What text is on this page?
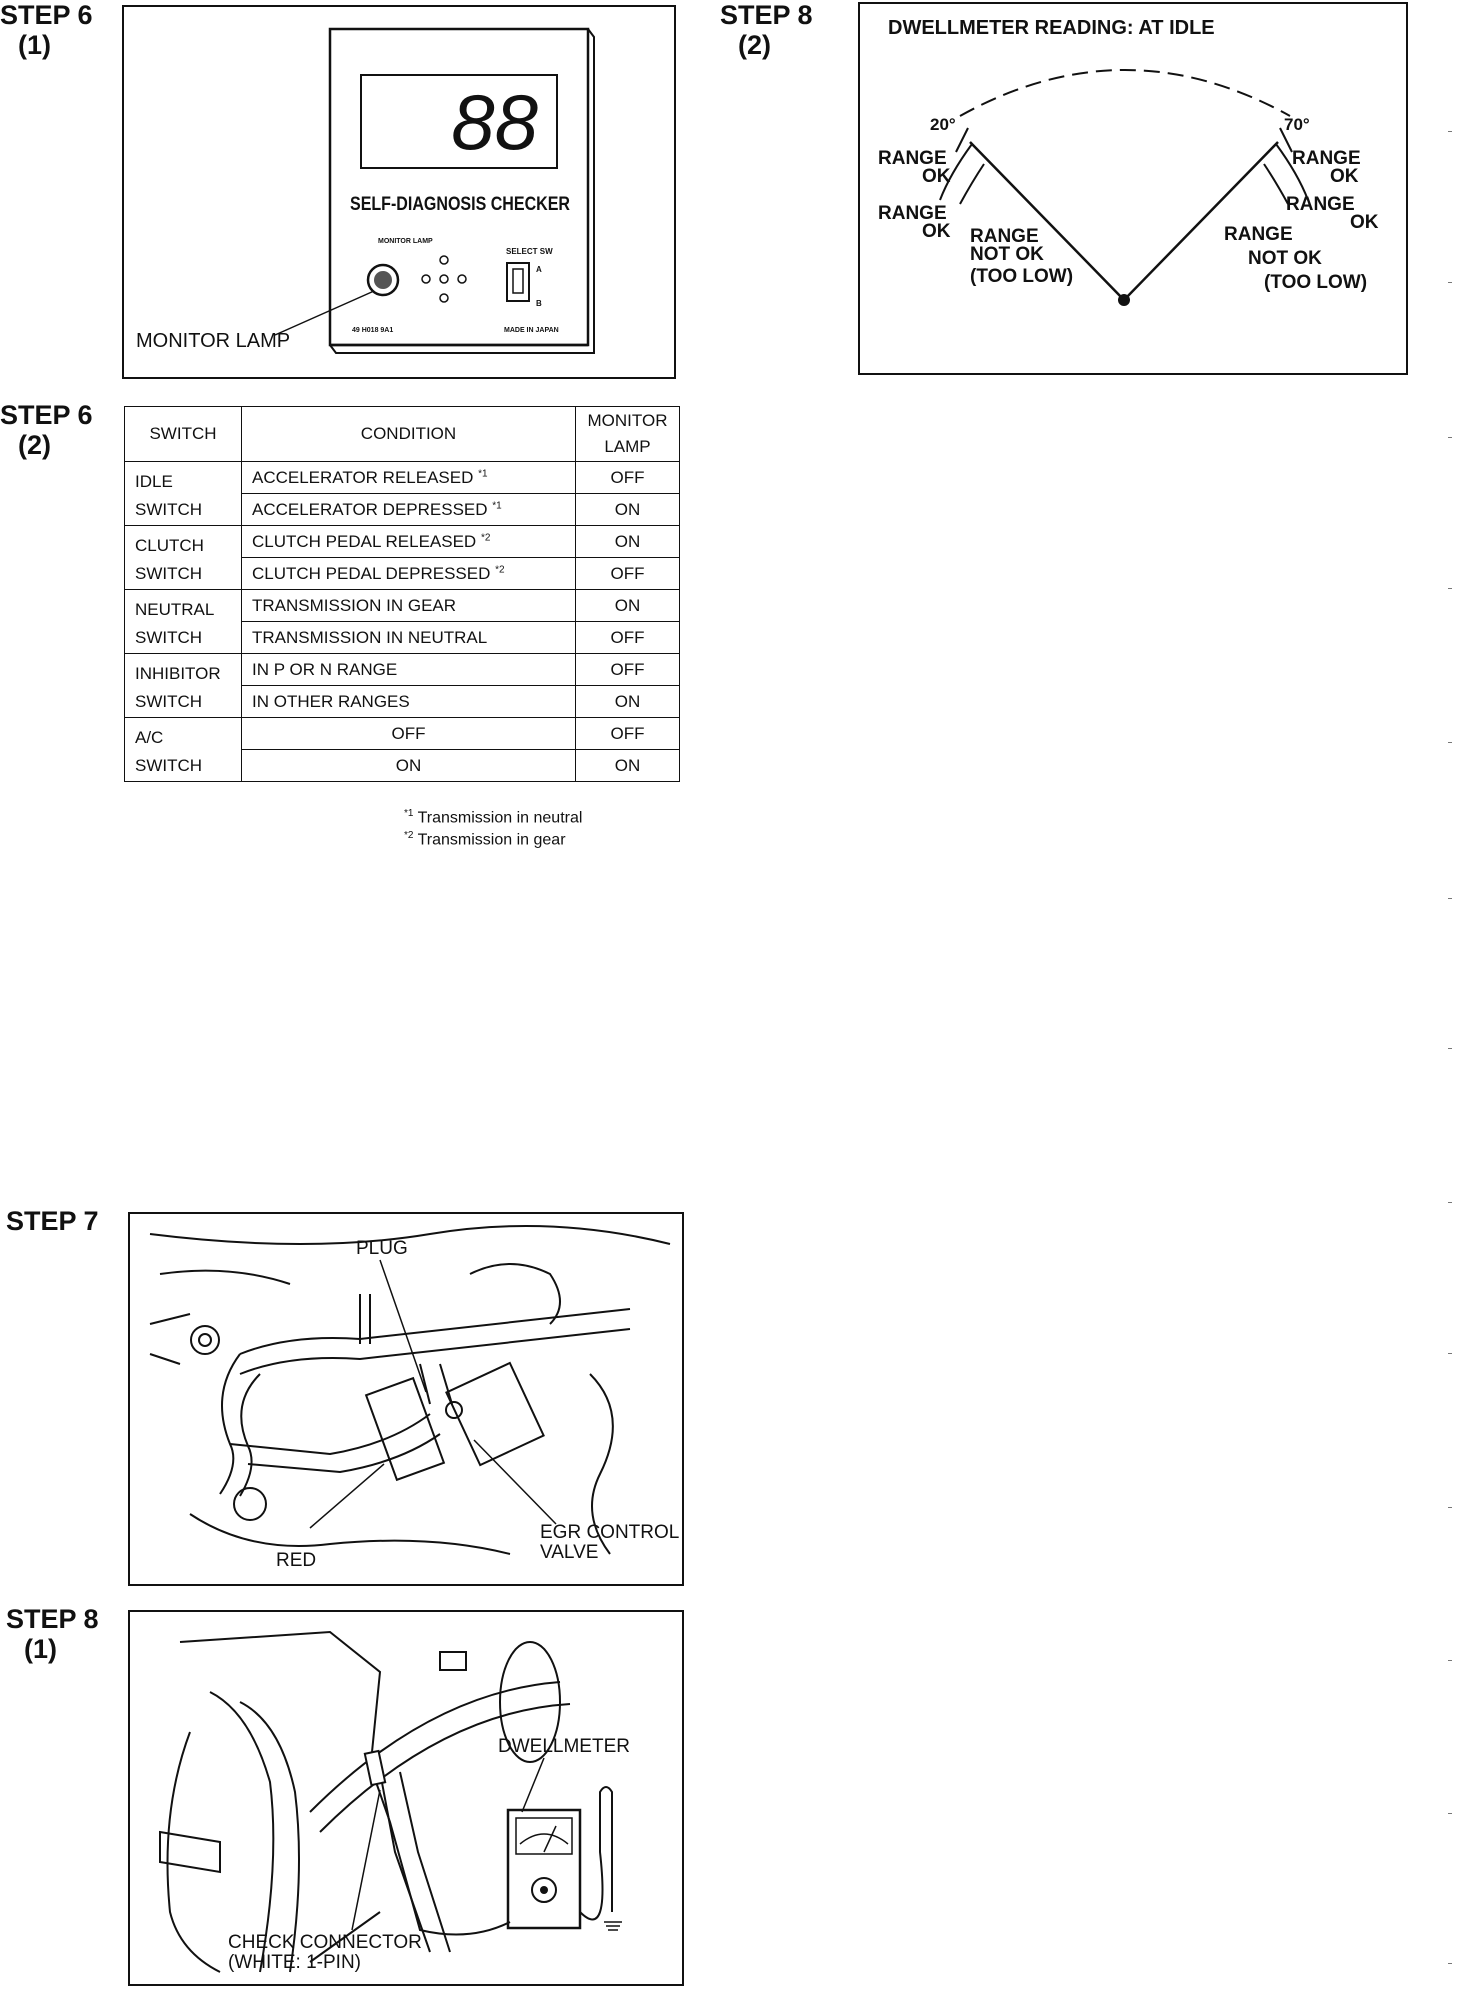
STEP 6
(1)
88
SELF-DIAGNOSIS CHECKER
MONITOR LAMP
SELECT SW
A
B
49 H018 9A1	MADE IN JAPAN
MONITOR LAMP
STEP 8
(2)
DWELLMETER READING: AT IDLE
20°	70°
RANGE
OK
RANGE
OK RANGE
NOT OK
(TOO LOW)
RANGE
OK
RANGE
OK
RANGE
NOT OK
(TOO LOW)
STEP 6
(2)	SWITCH	CONDITION	MONITOR
LAMP
IDLE
SWITCH	ACCELERATOR RELEASED $^{*1}$	OFF
	ACCELERATOR DEPRESSED $^{*1}$	ON
CLUTCH
SWITCH	CLUTCH PEDAL RELEASED $^{*2}$	ON
	CLUTCH PEDAL DEPRESSED $^{*2}$	OFF
NEUTRAL
SWITCH	TRANSMISSION IN GEAR	ON
	TRANSMISSION IN NEUTRAL	OFF
INHIBITOR
SWITCH	IN P OR N RANGE	OFF
	IN OTHER RANGES	ON
A/C
SWITCH	OFF	OFF
	ON	ON
$^{*1}$ Transmission in neutral
$^{*2}$ Transmission in gear
STEP 7
PLUG
EGR CONTROL
VALVE
RED
STEP 8
(1)
DWELLMETER
CHECK CONNECTOR
(WHITE: 1-PIN)
